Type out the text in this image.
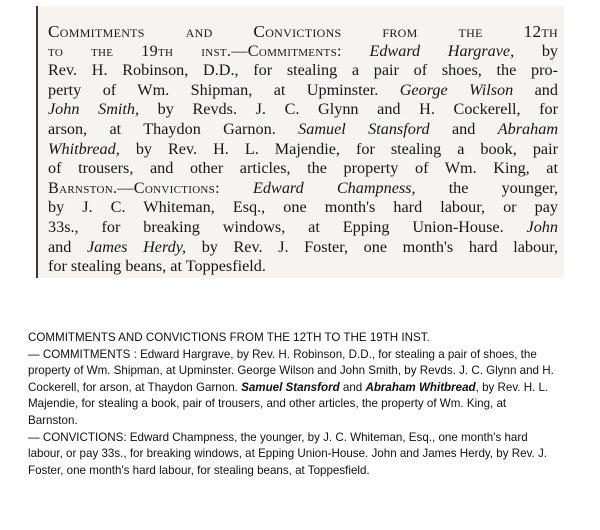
Commitments and Convictions from the 12th
to the 19th inst.—Commitments: Edward Hargrave, by
Rev. H. Robinson, D.D., for stealing a pair of shoes, the pro-
perty of Wm. Shipman, at Upminster. George Wilson and
John Smith, by Revds. J. C. Glynn and H. Cockerell, for
arson, at Thaydon Garnon. Samuel Stansford and Abraham
Whitbread, by Rev. H. L. Majendie, for stealing a book, pair
of trousers, and other articles, the property of Wm. King, at
Barnston.—Convictions: Edward Champness, the younger,
by J. C. Whiteman, Esq., one month's hard labour, or pay
33s., for breaking windows, at Epping Union-House. John
and James Herdy, by Rev. J. Foster, one month's hard labour,
for stealing beans, at Toppesfield.
COMMITMENTS AND CONVICTIONS FROM THE 12TH TO THE 19TH INST.
— COMMITMENTS : Edward Hargrave, by Rev. H. Robinson, D.D., for stealing a pair of shoes, the
property of Wm. Shipman, at Upminster. George Wilson and John Smith, by Revds. J. C. Glynn and H.
Cockerell, for arson, at Thaydon Garnon. Samuel Stansford and Abraham Whitbread, by Rev. H. L.
Majendie, for stealing a book, pair of trousers, and other articles, the property of Wm. King, at
Barnston.
— CONVICTIONS: Edward Champness, the younger, by J. C. Whiteman, Esq., one month's hard
labour, or pay 33s., for breaking windows, at Epping Union-House. John and James Herdy, by Rev. J.
Foster, one month's hard labour, for stealing beans, at Toppesfield.
